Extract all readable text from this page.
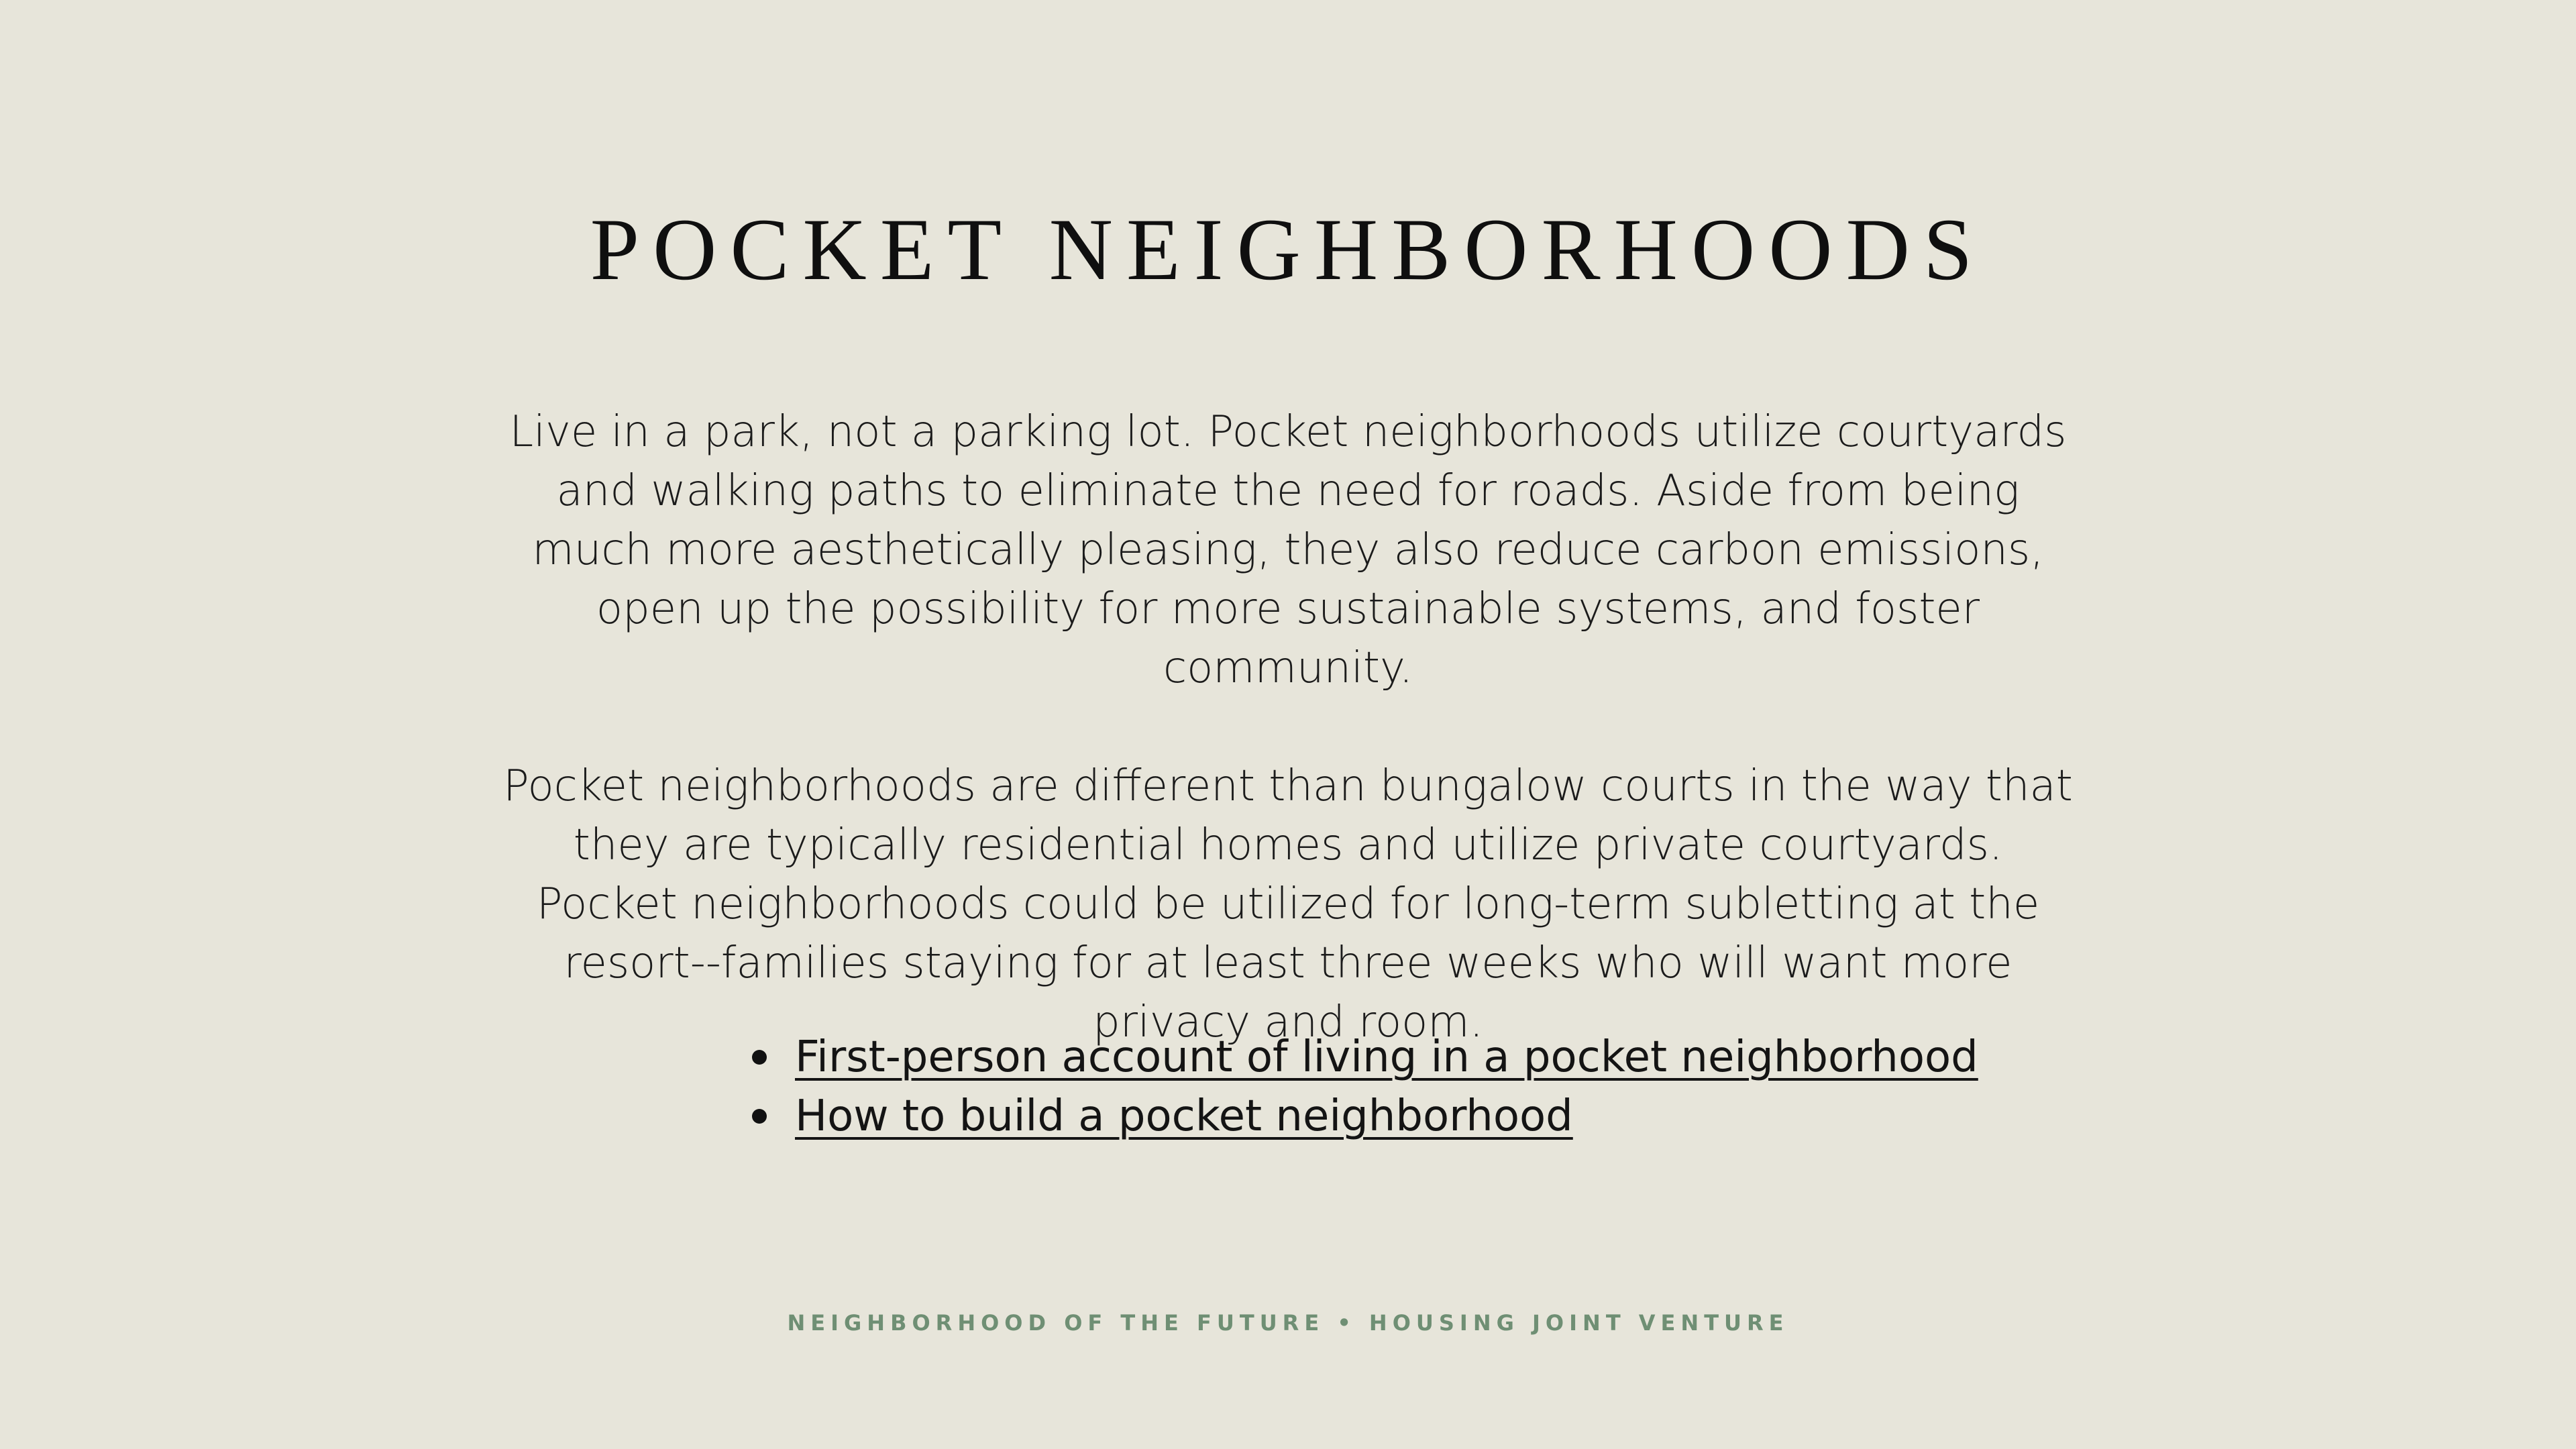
POCKET NEIGHBORHOODS

Live in a park, not a parking lot. Pocket neighborhoods utilize courtyards and walking paths to eliminate the need for roads. Aside from being much more aesthetically pleasing, they also reduce carbon emissions, open up the possibility for more sustainable systems, and foster community.

Pocket neighborhoods are different than bungalow courts in the way that they are typically residential homes and utilize private courtyards. Pocket neighborhoods could be utilized for long-term subletting at the resort--families staying for at least three weeks who will want more privacy and room.

First-person account of living in a pocket neighborhood
How to build a pocket neighborhood
NEIGHBORHOOD OF THE FUTURE • HOUSING JOINT VENTURE
